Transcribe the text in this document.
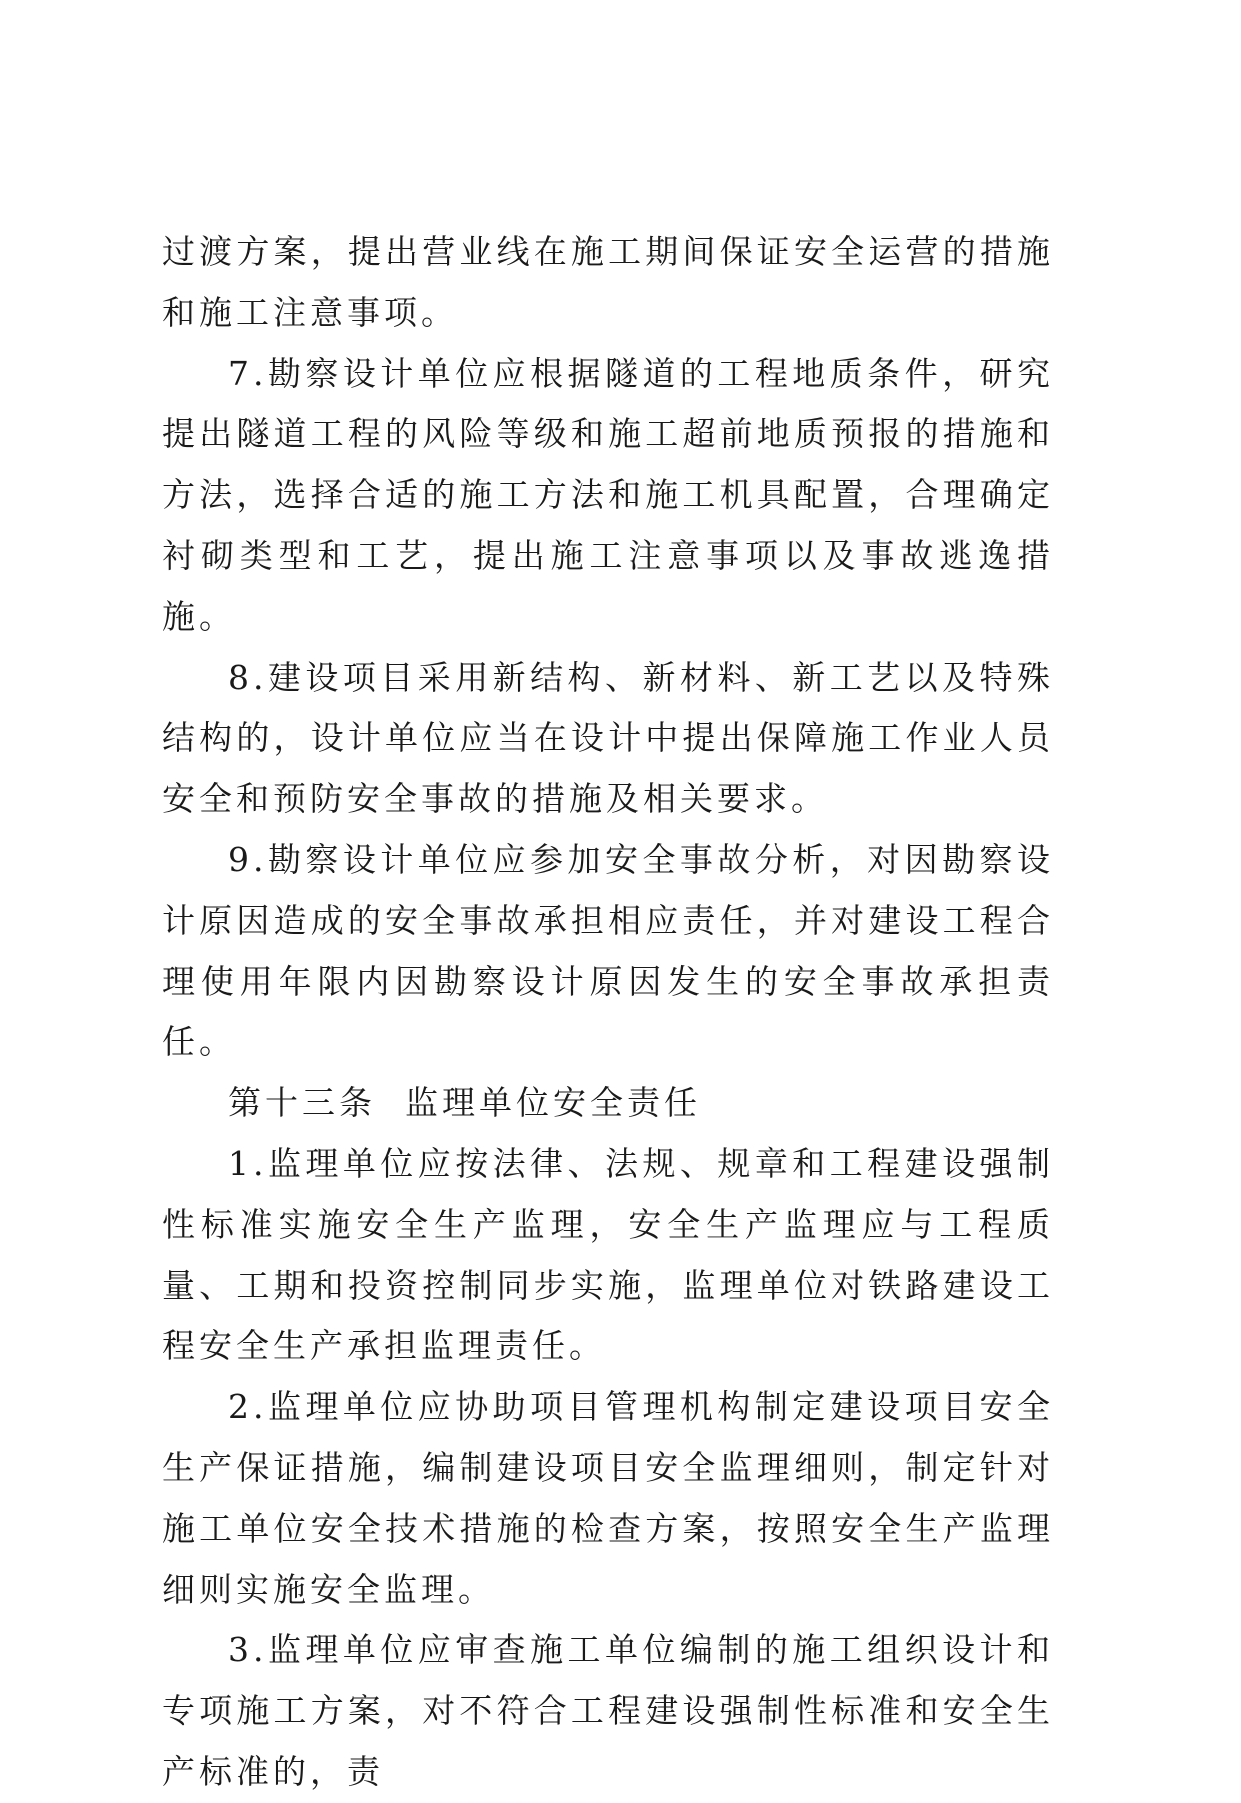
过渡方案，提出营业线在施工期间保证安全运营的措施和施工注意事项。

7.勘察设计单位应根据隧道的工程地质条件，研究提出隧道工程的风险等级和施工超前地质预报的措施和方法，选择合适的施工方法和施工机具配置，合理确定衬砌类型和工艺，提出施工注意事项以及事故逃逸措施。

8.建设项目采用新结构、新材料、新工艺以及特殊结构的，设计单位应当在设计中提出保障施工作业人员安全和预防安全事故的措施及相关要求。

9.勘察设计单位应参加安全事故分析，对因勘察设计原因造成的安全事故承担相应责任，并对建设工程合理使用年限内因勘察设计原因发生的安全事故承担责任。

第十三条 监理单位安全责任

1.监理单位应按法律、法规、规章和工程建设强制性标准实施安全生产监理，安全生产监理应与工程质量、工期和投资控制同步实施，监理单位对铁路建设工程安全生产承担监理责任。

2.监理单位应协助项目管理机构制定建设项目安全生产保证措施，编制建设项目安全监理细则，制定针对施工单位安全技术措施的检查方案，按照安全生产监理细则实施安全监理。

3.监理单位应审查施工单位编制的施工组织设计和专项施工方案，对不符合工程建设强制性标准和安全生产标准的，责
